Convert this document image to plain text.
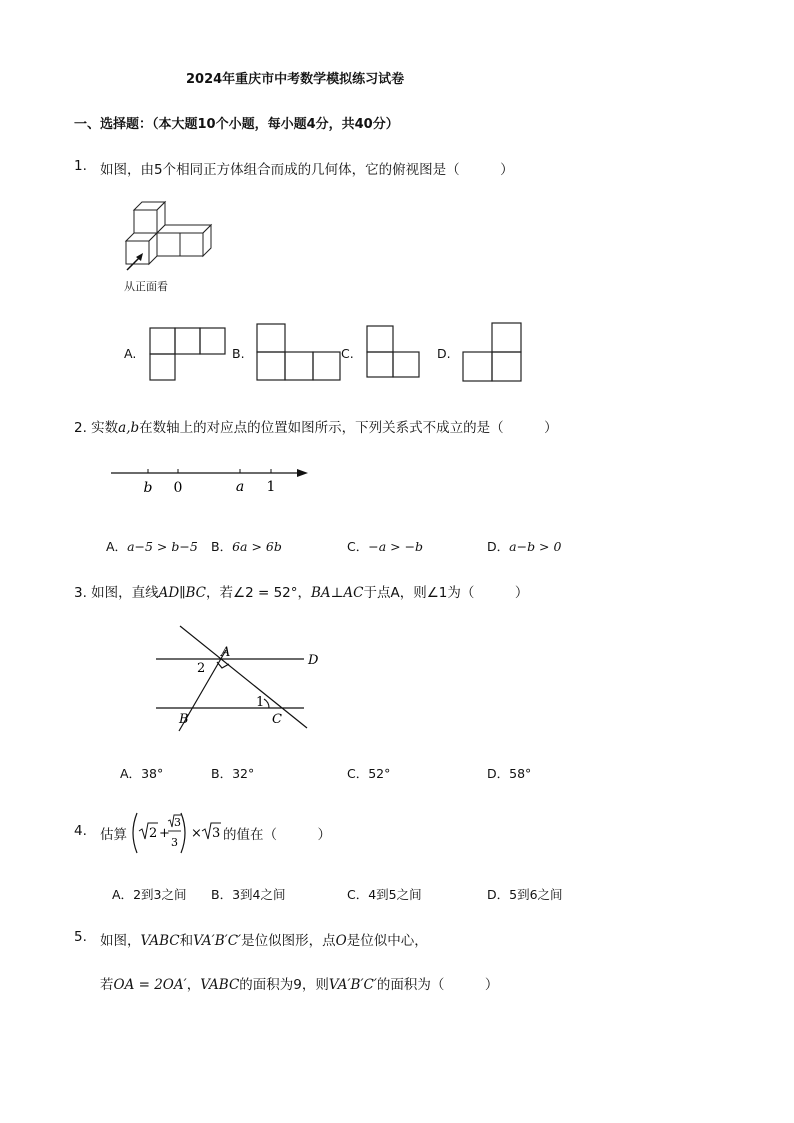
2024年重庆市中考数学模拟练习试卷
一、选择题：（本大题10个小题，每小题4分，共40分）
1. 如图，由5个相同正方体组合而成的几何体，它的俯视图是（　　　）
从正面看
A.	B.	C.	D.
2. 实数a,b在数轴上的对应点的位置如图所示，下列关系式不成立的是（　　　）
b 0	a 1
A．a−5 > b−5 B．6a > 6b	C．−a > −b	D．a−b > 0
3. 如图，直线AD∥BC，若∠2 = 52°，BA⊥AC于点A，则∠1为（　　　）
A
D
2
1
B	C
A．38°	B．32°	C．52°	D．58°
4. 估算 2 +
3
3
× 3 的值在（　　　）
A．2到3之间 B．3到4之间	C．4到5之间	D．5到6之间
5. 如图，VABC和VA′B′C′是位似图形，点O是位似中心，
若OA = 2OA′，VABC的面积为9，则VA′B′C′的面积为（　　　）
